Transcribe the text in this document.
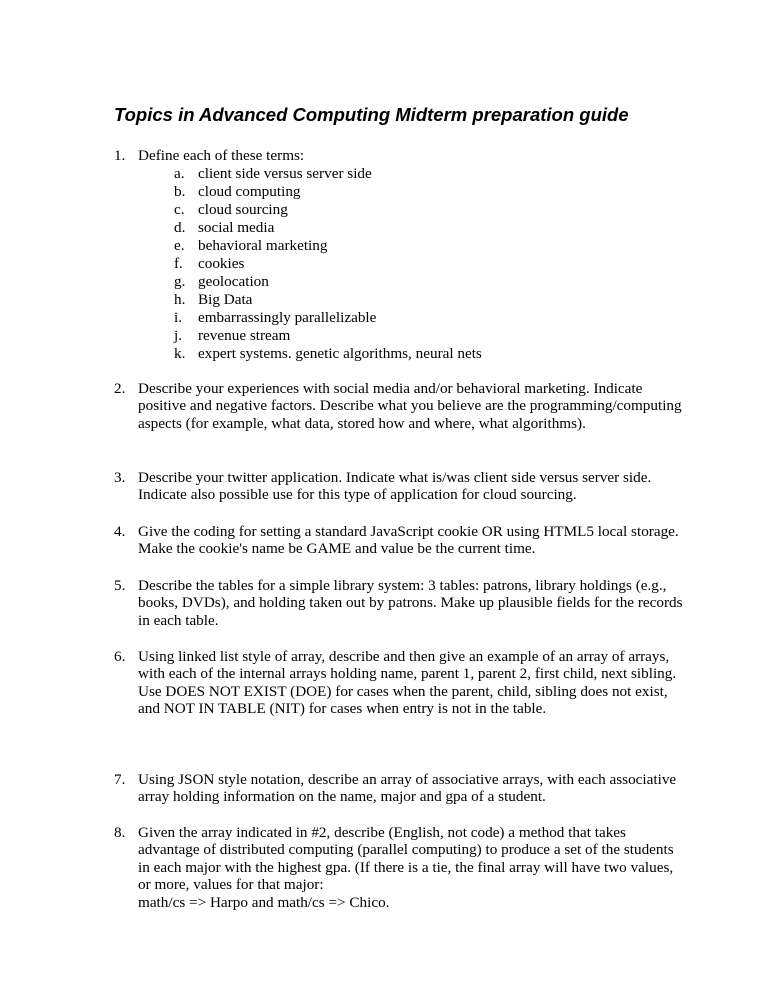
Topics in Advanced Computing Midterm preparation guide
1. Define each of these terms:
a. client side versus server side
b. cloud computing
c. cloud sourcing
d. social media
e. behavioral marketing
f. cookies
g. geolocation
h. Big Data
i. embarrassingly parallelizable
j. revenue stream
k. expert systems. genetic algorithms, neural nets
2. Describe your experiences with social media and/or behavioral marketing. Indicate positive and negative factors. Describe what you believe are the programming/computing aspects (for example, what data, stored how and where, what algorithms).
3. Describe your twitter application. Indicate what is/was client side versus server side. Indicate also possible use for this type of application for cloud sourcing.
4. Give the coding for setting a standard JavaScript cookie OR using HTML5 local storage. Make the cookie's name be GAME and value be the current time.
5. Describe the tables for a simple library system: 3 tables: patrons, library holdings (e.g., books, DVDs), and holding taken out by patrons. Make up plausible fields for the records in each table.
6. Using linked list style of array, describe and then give an example of an array of arrays, with each of the internal arrays holding name, parent 1, parent 2, first child, next sibling. Use DOES NOT EXIST (DOE) for cases when the parent, child, sibling does not exist, and NOT IN TABLE (NIT) for cases when entry is not in the table.
7. Using JSON style notation, describe an array of associative arrays, with each associative array holding information on the name, major and gpa of a student.
8. Given the array indicated in #2, describe (English, not code) a method that takes advantage of distributed computing (parallel computing) to produce a set of the students in each major with the highest gpa. (If there is a tie, the final array will have two values, or more, values for that major:
math/cs => Harpo and math/cs => Chico.
